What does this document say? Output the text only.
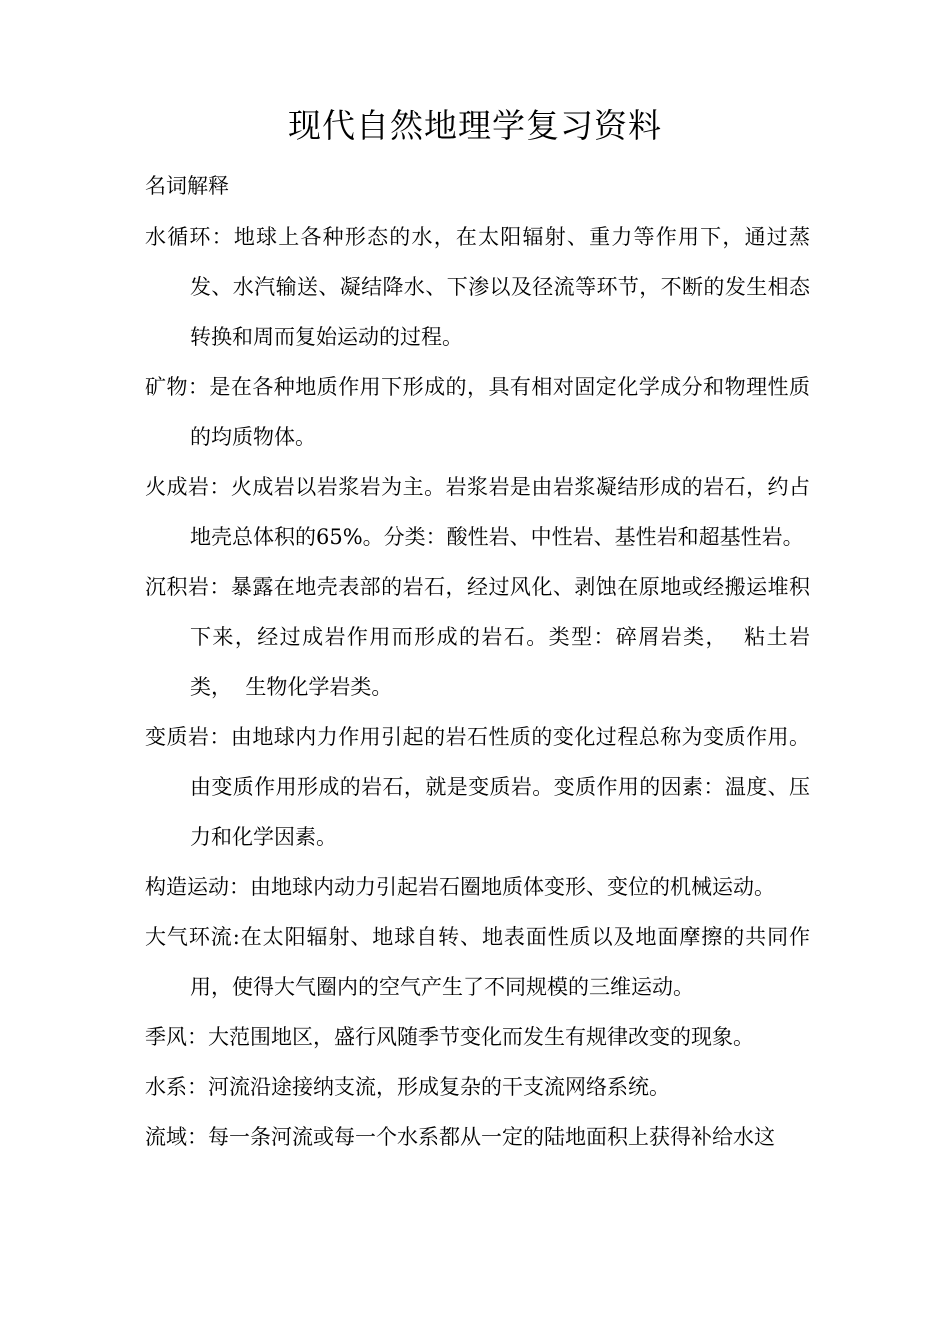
现代自然地理学复习资料

名词解释

水循环：地球上各种形态的水，在太阳辐射、重力等作用下，通过蒸发、水汽输送、凝结降水、下渗以及径流等环节，不断的发生相态转换和周而复始运动的过程。
矿物：是在各种地质作用下形成的，具有相对固定化学成分和物理性质的均质物体。
火成岩：火成岩以岩浆岩为主。岩浆岩是由岩浆凝结形成的岩石，约占地壳总体积的65%。分类：酸性岩、中性岩、基性岩和超基性岩。
沉积岩：暴露在地壳表部的岩石，经过风化、剥蚀在原地或经搬运堆积下来，经过成岩作用而形成的岩石。类型：碎屑岩类，  粘土岩类，  生物化学岩类。
变质岩：由地球内力作用引起的岩石性质的变化过程总称为变质作用。由变质作用形成的岩石，就是变质岩。变质作用的因素：温度、压力和化学因素。
构造运动：由地球内动力引起岩石圈地质体变形、变位的机械运动。
大气环流:在太阳辐射、地球自转、地表面性质以及地面摩擦的共同作用，使得大气圈内的空气产生了不同规模的三维运动。
季风：大范围地区，盛行风随季节变化而发生有规律改变的现象。
水系：河流沿途接纳支流，形成复杂的干支流网络系统。
流域：每一条河流或每一个水系都从一定的陆地面积上获得补给水这
